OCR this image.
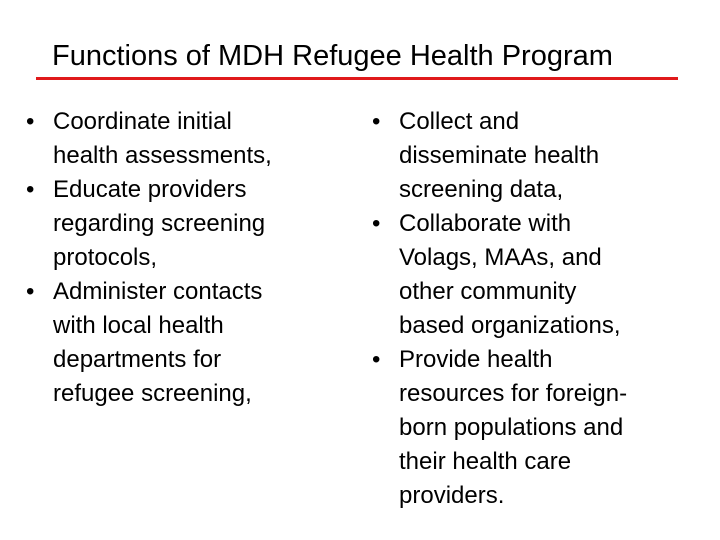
Functions of MDH Refugee Health Program
• Coordinate initial
health assessments,
• Educate providers
regarding screening
protocols,
• Administer contacts
with local health
departments for
refugee screening,
• Collect and
disseminate health
screening data,
• Collaborate with
Volags, MAAs, and
other community
based organizations,
• Provide health
resources for foreign-
born populations and
their health care
providers.
